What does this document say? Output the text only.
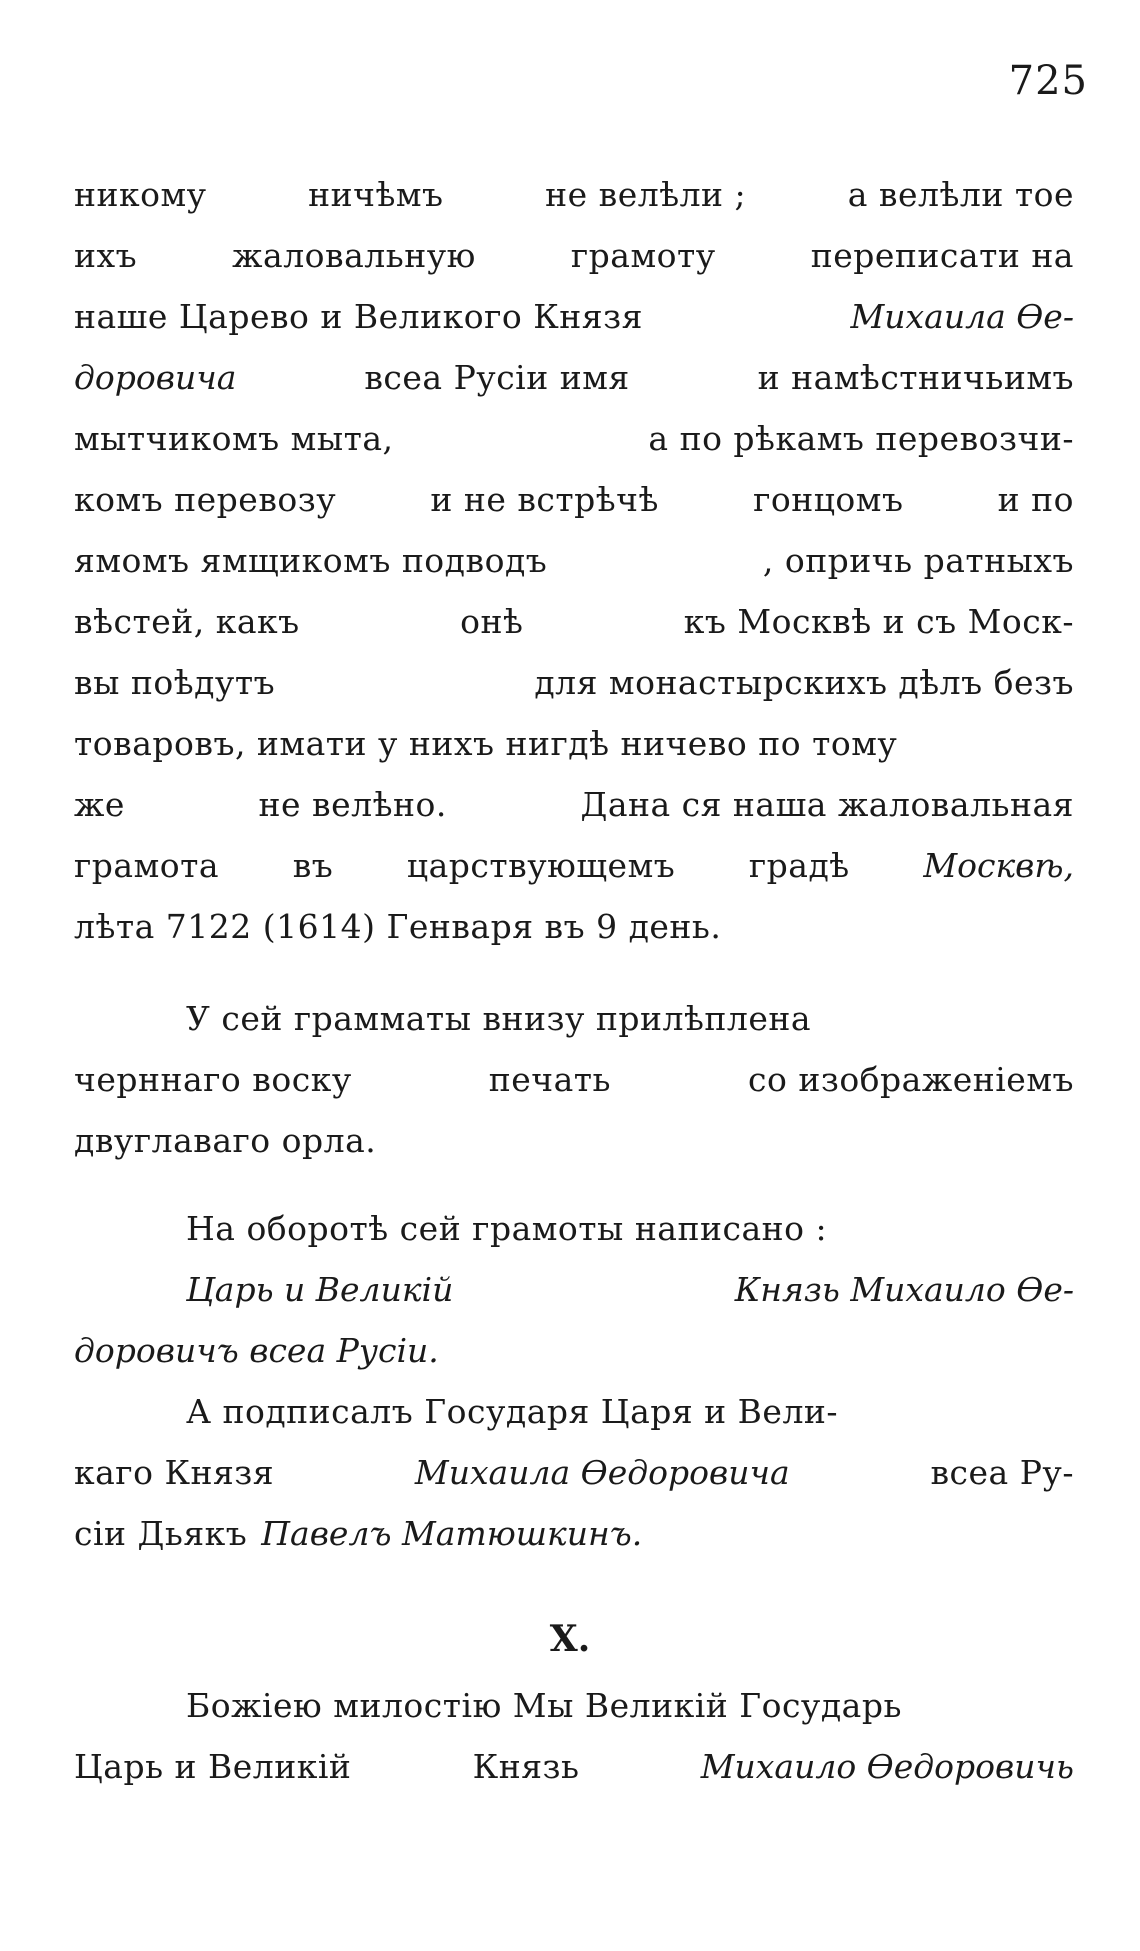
725
никому	ничѣмъ	не велѣли ;	а велѣли тое
ихъ	жаловальную	грамоту	переписати на
наше Царево и Великого Князя	Михаила Ѳе-
доровича	всеа Русіи имя	и намѣстничьимъ
мытчикомъ мыта,	а по рѣкамъ перевозчи-
комъ перевозу	и не встрѣчѣ	гонцомъ	и по
ямомъ ямщикомъ подводъ	, опричь ратныхъ
вѣстей, какъ	онѣ	къ Москвѣ и съ Моск-
вы поѣдутъ	для монастырскихъ дѣлъ безъ
товаровъ, имати у нихъ нигдѣ ничево по тому
же	не велѣно.	Дана ся наша жаловальная
грамота въ царствующемъ градѣ Москвѣ,
лѣта 7122 (1614) Генваря въ 9 день.
У сей граммaты внизу прилѣплена
черннаго воску	печать	со изображеніемъ
двуглаваго орла.
На оборотѣ сей грамоты написано :
Царь и Великій	Князь Михаило Ѳе-
доровичъ всеа Русіи.
А подписалъ Государя Царя и Вели-
каго Князя	Михаила Ѳедоровича	всеа Ру-
сіи Дьякъ Павелъ Матюшкинъ.
X.
Божіею милостію Мы Великій Государь
Царь и Великій	Князь	Михаило Ѳедоровичь
